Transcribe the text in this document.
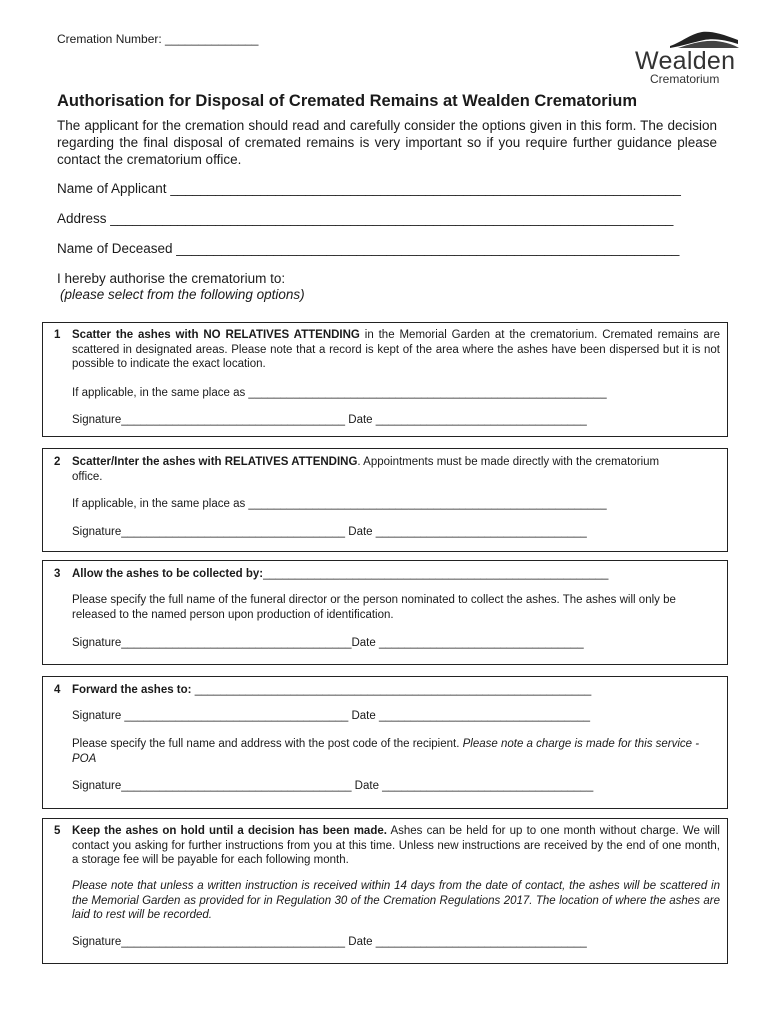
Cremation Number: ______________
Wealden
Crematorium
Authorisation for Disposal of Cremated Remains at Wealden Crematorium
The applicant for the cremation should read and carefully consider the options given in this form. The decision regarding the final disposal of cremated remains is very important so if you require further guidance please contact the crematorium office.
Name of Applicant ____________________________________________________________________
Address ___________________________________________________________________________
Name of Deceased ___________________________________________________________________
I hereby authorise the crematorium to:
(please select from the following options)
1 Scatter the ashes with NO RELATIVES ATTENDING in the Memorial Garden at the crematorium. Cremated remains are scattered in designated areas. Please note that a record is kept of the area where the ashes have been dispersed but it is not possible to indicate the exact location.
If applicable, in the same place as ________________________________________________________
Signature___________________________________ Date _________________________________
2 Scatter/Inter the ashes with RELATIVES ATTENDING. Appointments must be made directly with the crematorium office.
If applicable, in the same place as ________________________________________________________
Signature___________________________________ Date _________________________________
3 Allow the ashes to be collected by:______________________________________________________
Please specify the full name of the funeral director or the person nominated to collect the ashes. The ashes will only be released to the named person upon production of identification.
Signature____________________________________Date ________________________________
4 Forward the ashes to: ______________________________________________________________
Signature ___________________________________ Date _________________________________
Please specify the full name and address with the post code of the recipient. Please note a charge is made for this service - POA
Signature____________________________________ Date _________________________________
5 Keep the ashes on hold until a decision has been made. Ashes can be held for up to one month without charge. We will contact you asking for further instructions from you at this time. Unless new instructions are received by the end of one month, a storage fee will be payable for each following month.
Please note that unless a written instruction is received within 14 days from the date of contact, the ashes will be scattered in the Memorial Garden as provided for in Regulation 30 of the Cremation Regulations 2017. The location of where the ashes are laid to rest will be recorded.
Signature___________________________________ Date _________________________________
